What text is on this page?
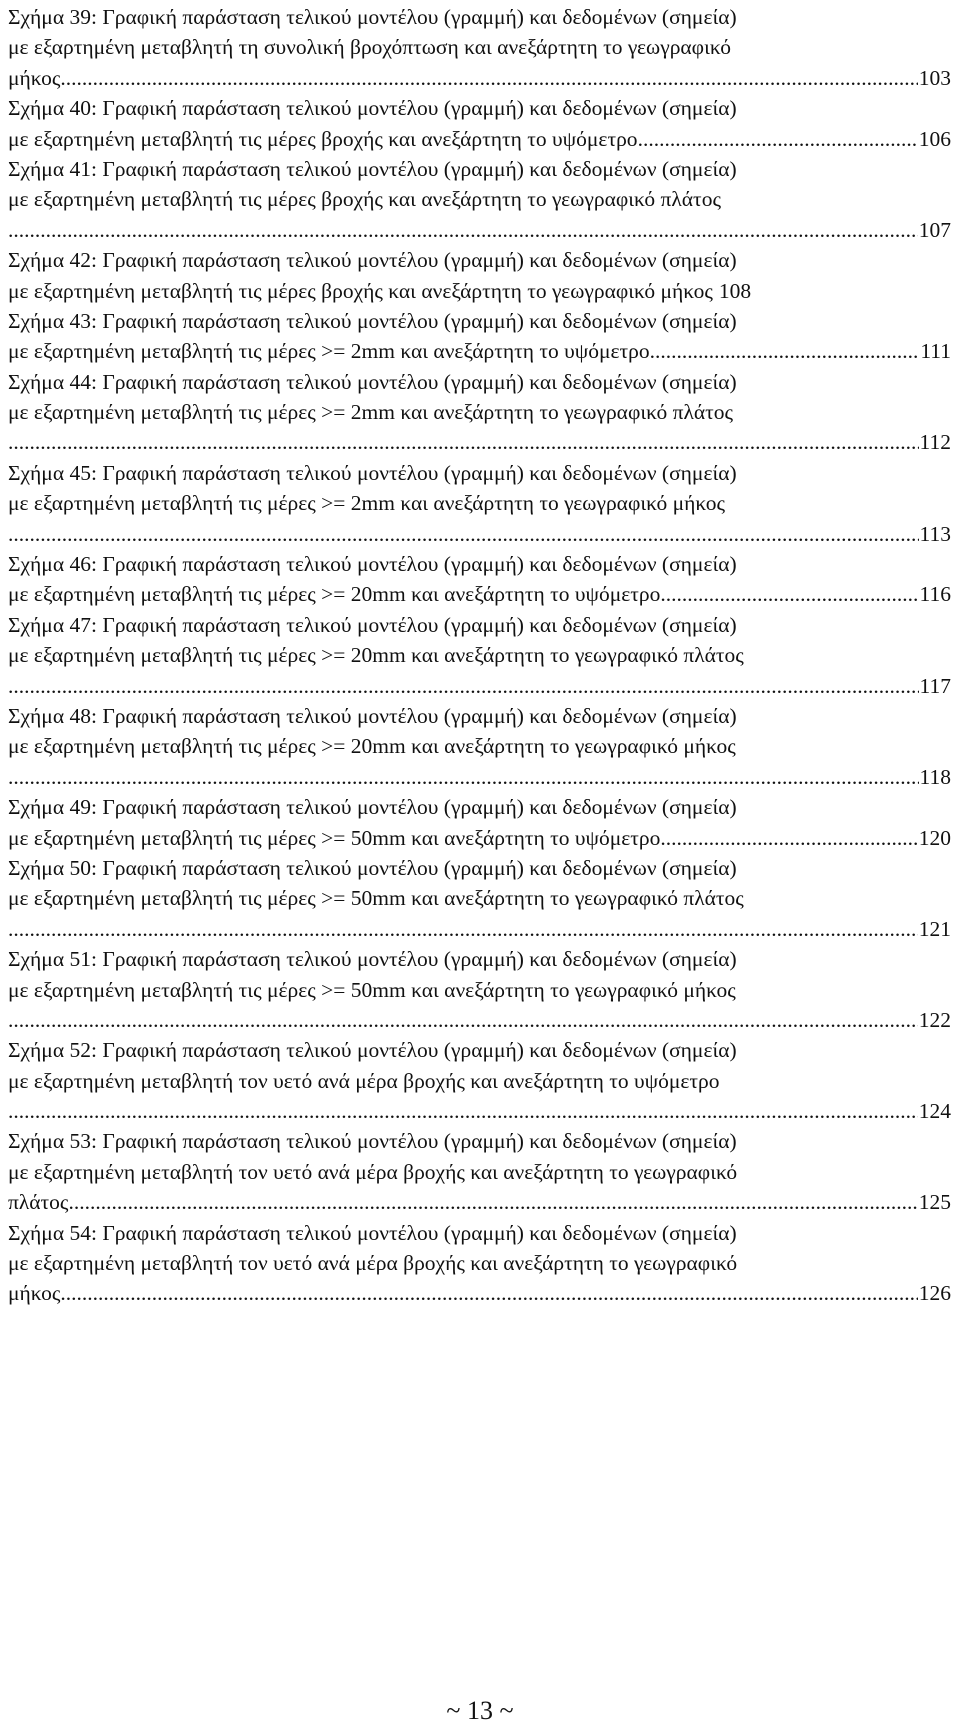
Σχήμα 39: Γραφική παράσταση τελικού μοντέλου (γραμμή) και δεδομένων (σημεία)
με εξαρτημένη μεταβλητή τη συνολική βροχόπτωση και ανεξάρτητη το γεωγραφικό
μήκος .....	103
Σχήμα 40: Γραφική παράσταση τελικού μοντέλου (γραμμή) και δεδομένων (σημεία)
με εξαρτημένη μεταβλητή τις μέρες βροχής και ανεξάρτητη το υψόμετρο .....	106
Σχήμα 41: Γραφική παράσταση τελικού μοντέλου (γραμμή) και δεδομένων (σημεία)
με εξαρτημένη μεταβλητή τις μέρες βροχής και ανεξάρτητη το γεωγραφικό πλάτος
.....
107
Σχήμα 42: Γραφική παράσταση τελικού μοντέλου (γραμμή) και δεδομένων (σημεία)
με εξαρτημένη μεταβλητή τις μέρες βροχής και ανεξάρτητη το γεωγραφικό μήκος 108
Σχήμα 43: Γραφική παράσταση τελικού μοντέλου (γραμμή) και δεδομένων (σημεία)
με εξαρτημένη μεταβλητή τις μέρες >= 2mm και ανεξάρτητη το υψόμετρο .....	111
Σχήμα 44: Γραφική παράσταση τελικού μοντέλου (γραμμή) και δεδομένων (σημεία)
με εξαρτημένη μεταβλητή τις μέρες >= 2mm και ανεξάρτητη το γεωγραφικό πλάτος
.....
112
Σχήμα 45: Γραφική παράσταση τελικού μοντέλου (γραμμή) και δεδομένων (σημεία)
με εξαρτημένη μεταβλητή τις μέρες >= 2mm και ανεξάρτητη το γεωγραφικό μήκος
.....
113
Σχήμα 46: Γραφική παράσταση τελικού μοντέλου (γραμμή) και δεδομένων (σημεία)
με εξαρτημένη μεταβλητή τις μέρες >= 20mm και ανεξάρτητη το υψόμετρο .....	116
Σχήμα 47: Γραφική παράσταση τελικού μοντέλου (γραμμή) και δεδομένων (σημεία)
με εξαρτημένη μεταβλητή τις μέρες >= 20mm και ανεξάρτητη το γεωγραφικό πλάτος
.....
117
Σχήμα 48: Γραφική παράσταση τελικού μοντέλου (γραμμή) και δεδομένων (σημεία)
με εξαρτημένη μεταβλητή τις μέρες >= 20mm και ανεξάρτητη το γεωγραφικό μήκος
.....
118
Σχήμα 49: Γραφική παράσταση τελικού μοντέλου (γραμμή) και δεδομένων (σημεία)
με εξαρτημένη μεταβλητή τις μέρες >= 50mm και ανεξάρτητη το υψόμετρο .....	120
Σχήμα 50: Γραφική παράσταση τελικού μοντέλου (γραμμή) και δεδομένων (σημεία)
με εξαρτημένη μεταβλητή τις μέρες >= 50mm και ανεξάρτητη το γεωγραφικό πλάτος
.....
121
Σχήμα 51: Γραφική παράσταση τελικού μοντέλου (γραμμή) και δεδομένων (σημεία)
με εξαρτημένη μεταβλητή τις μέρες >= 50mm και ανεξάρτητη το γεωγραφικό μήκος
.....
122
Σχήμα 52: Γραφική παράσταση τελικού μοντέλου (γραμμή) και δεδομένων (σημεία)
με εξαρτημένη μεταβλητή τον υετό ανά μέρα βροχής και ανεξάρτητη το υψόμετρο
.....
124
Σχήμα 53: Γραφική παράσταση τελικού μοντέλου (γραμμή) και δεδομένων (σημεία)
με εξαρτημένη μεταβλητή τον υετό ανά μέρα βροχής και ανεξάρτητη το γεωγραφικό
πλάτος .....	125
Σχήμα 54: Γραφική παράσταση τελικού μοντέλου (γραμμή) και δεδομένων (σημεία)
με εξαρτημένη μεταβλητή τον υετό ανά μέρα βροχής και ανεξάρτητη το γεωγραφικό
μήκος .....	126
~ 13 ~
